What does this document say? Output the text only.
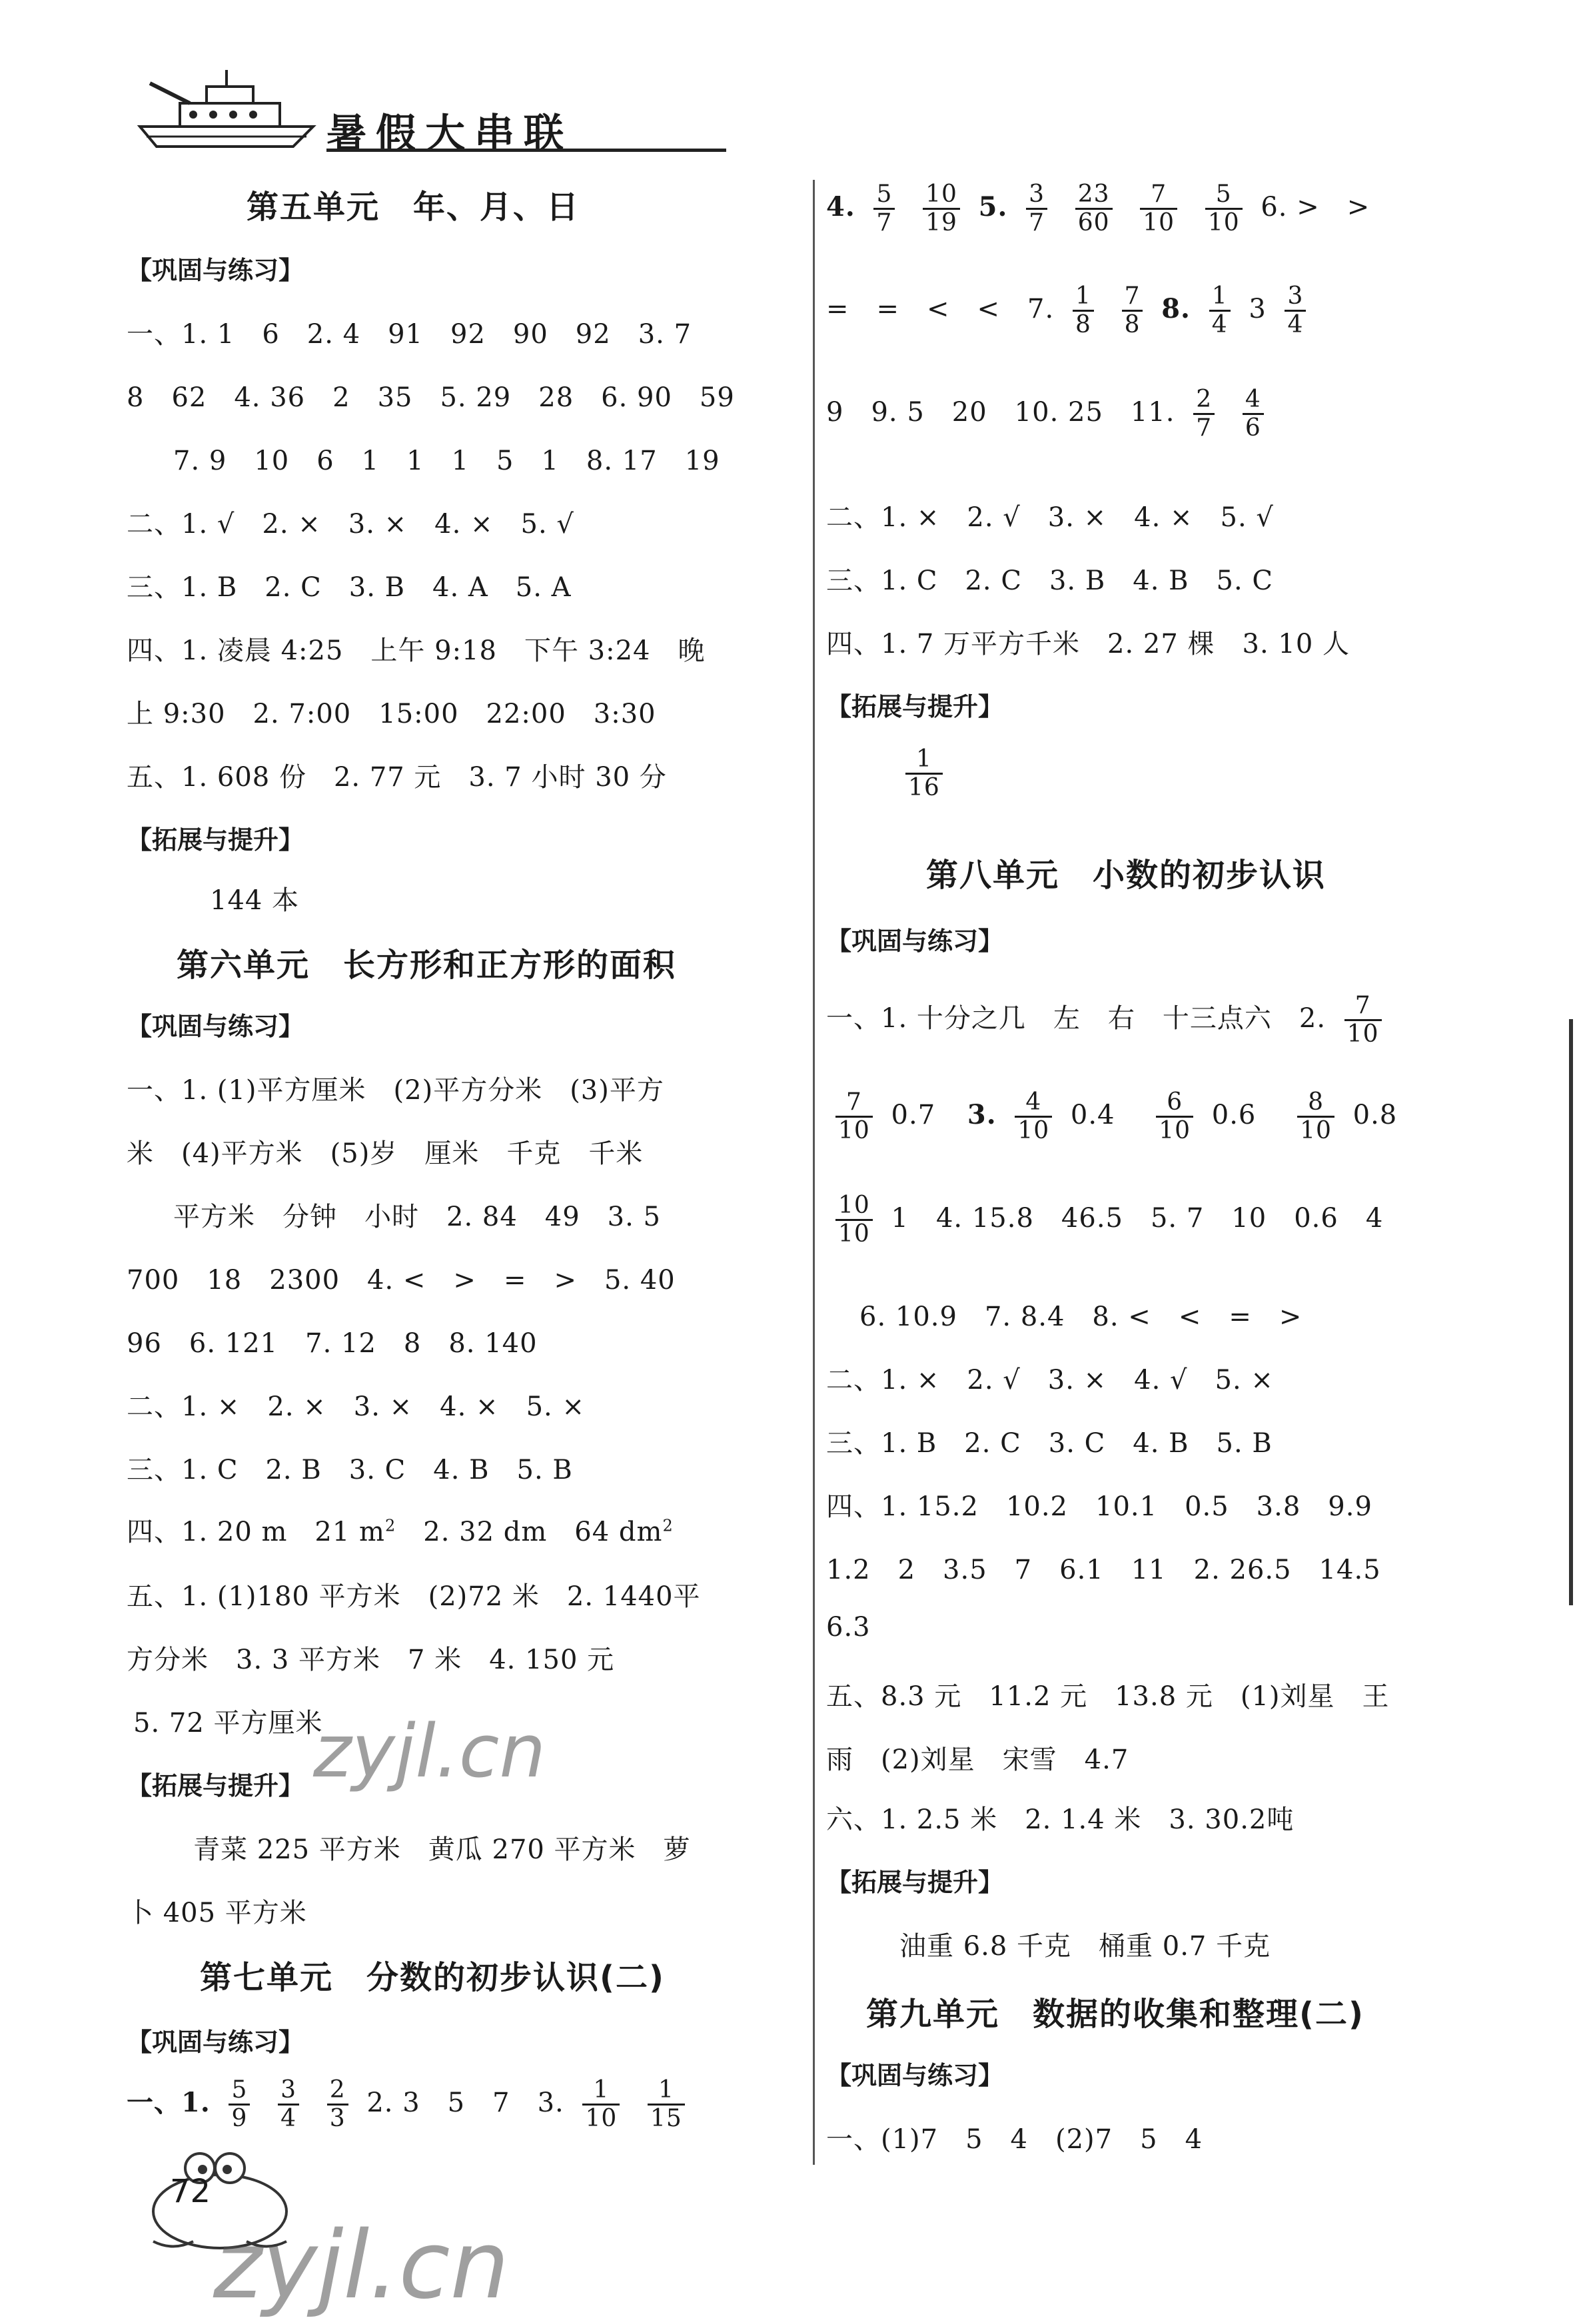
暑假大串联
第五单元　年、月、日
【巩固与练习】
一、1. 1　6　2. 4　91　92　90　92　3. 7
8　62　4. 36　2　35　5. 29　28　6. 90　59
7. 9　10　6　1　1　1　5　1　8. 17　19
二、1. √　2. ×　3. ×　4. ×　5. √
三、1. B　2. C　3. B　4. A　5. A
四、1. 凌晨 4:25　上午 9:18　下午 3:24　晚
上 9:30　2. 7:00　15:00　22:00　3:30
五、1. 608 份　2. 77 元　3. 7 小时 30 分
【拓展与提升】
144 本
第六单元　长方形和正方形的面积
【巩固与练习】
一、1. (1)平方厘米　(2)平方分米　(3)平方
米　(4)平方米　(5)岁　厘米　千克　千米
平方米　分钟　小时　2. 84　49　3. 5
700　18　2300　4. <　>　=　>　5. 40
96　6. 121　7. 12　8　8. 140
二、1. ×　2. ×　3. ×　4. ×　5. ×
三、1. C　2. B　3. C　4. B　5. B
四、1. 20 m　21 $m^2$　2. 32 dm　64 $dm^2$
五、1. (1)180 平方米　(2)72 米　2. 1440平
方分米　3. 3 平方米　7 米　4. 150 元
5. 72 平方厘米
【拓展与提升】
青菜 225 平方米　黄瓜 270 平方米　萝
卜 405 平方米
第七单元　分数的初步认识(二)
【巩固与练习】
一、1. $\frac{5}{9}$
$\frac{3}{4}$
$\frac{2}{3} 2$. 3　5　7　3. $\frac{1}{10}$
$\frac{1}{15}$
4. $\frac{5}{7}$
$\frac{10}{19} 5$. $\frac{3}{7}$
$\frac{23}{60}$
$\frac{7}{10}$
$\frac{5}{10} 6$. >　>
=　=　<　<　7. $\frac{1}{8}$
$\frac{7}{8} 8$. $\frac{1}{4} 3 \frac{3}{4}$
9　9. 5　20　10. 25　11. $\frac{2}{7}$
$\frac{4}{6}$
二、1. ×　2. √　3. ×　4. ×　5. √
三、1. C　2. C　3. B　4. B　5. C
四、1. 7 万平方千米　2. 27 棵　3. 10 人
【拓展与提升】
$\frac{1}{16}$
第八单元　小数的初步认识
【巩固与练习】
一、1. 十分之几　左　右　十三点六　2. $\frac{7}{10}$
$\frac{7}{10} 0.7$ 3. $\frac{4}{10} 0.4 \frac{6}{10} 0.6 \frac{8}{10} 0.8$
$\frac{10}{10} 1$　4. 15.8　46.5　5. 7　10　0.6　4
6. 10.9　7. 8.4　8. <　<　=　>
二、1. ×　2. √　3. ×　4. √　5. ×
三、1. B　2. C　3. C　4. B　5. B
四、1. 15.2　10.2　10.1　0.5　3.8　9.9
1.2　2　3.5　7　6.1　11　2. 26.5　14.5
6.3
五、8.3 元　11.2 元　13.8 元　(1)刘星　王
雨　(2)刘星　宋雪　4.7
六、1. 2.5 米　2. 1.4 米　3. 30.2吨
【拓展与提升】
油重 6.8 千克　桶重 0.7 千克
第九单元　数据的收集和整理(二)
【巩固与练习】
一、(1)7　5　4　(2)7　5　4
72
zyjl.cn
zyjl.cn
